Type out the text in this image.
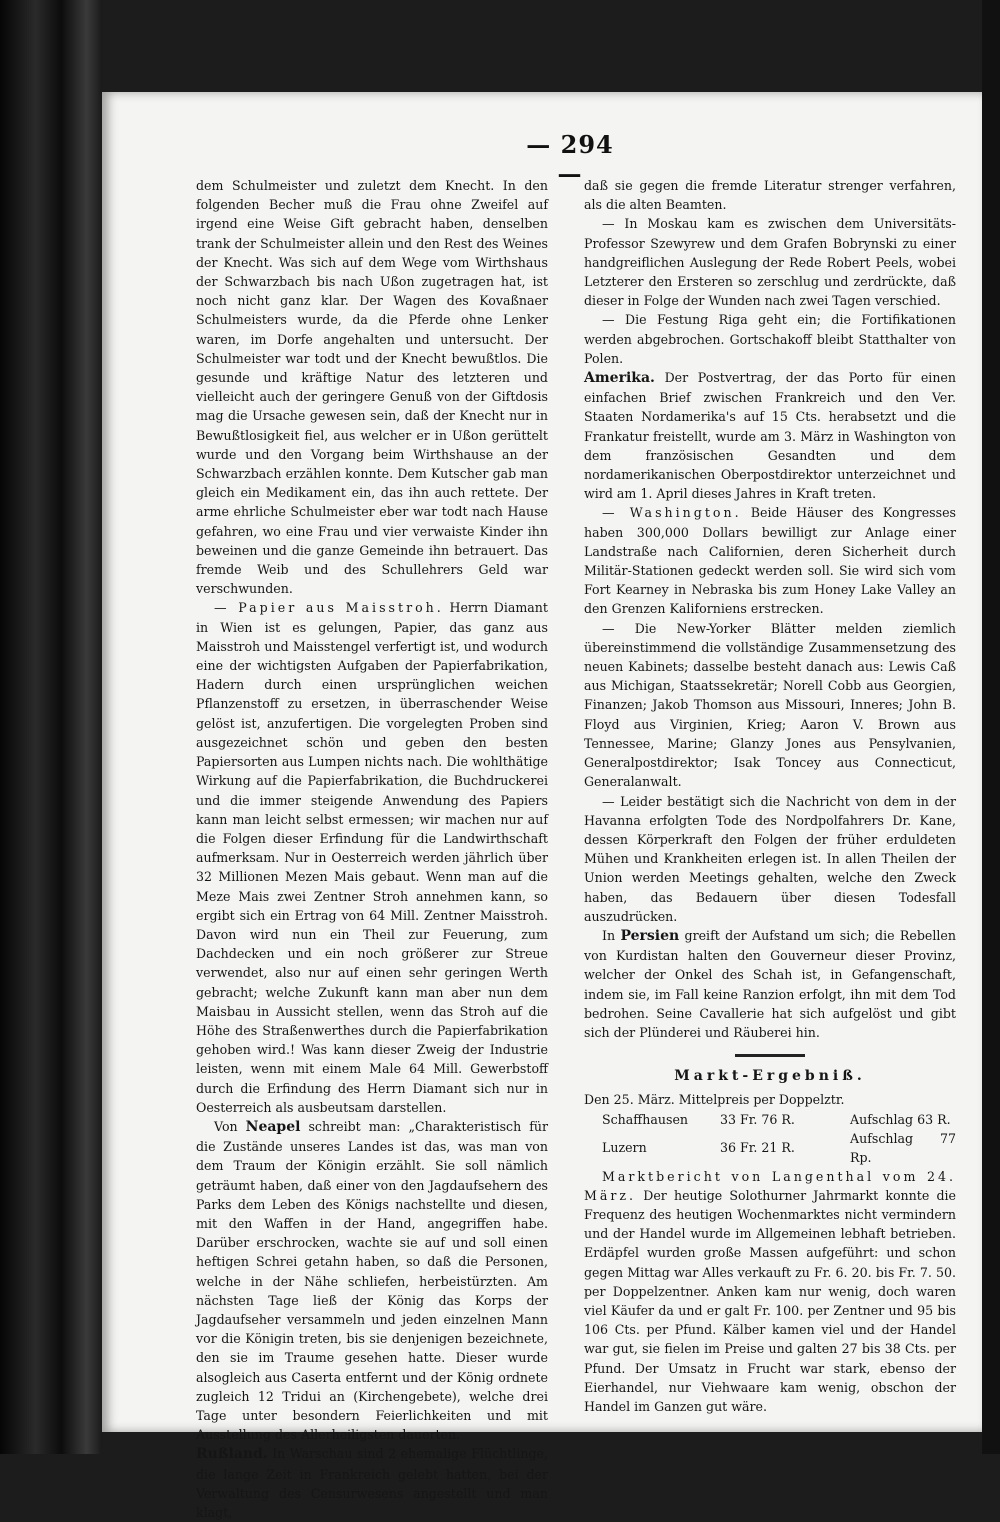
— 294 —

dem Schulmeister und zuletzt dem Knecht. In den folgenden Becher muß die Frau ohne Zweifel auf irgend eine Weise Gift gebracht haben, denselben trank der Schulmeister allein und den Rest des Weines der Knecht. Was sich auf dem Wege vom Wirthshaus der Schwarzbach bis nach Ußon zugetragen hat, ist noch nicht ganz klar. Der Wagen des Kovaßnaer Schulmeisters wurde, da die Pferde ohne Lenker waren, im Dorfe angehalten und untersucht. Der Schulmeister war todt und der Knecht bewußtlos. Die gesunde und kräftige Natur des letzteren und vielleicht auch der geringere Genuß von der Giftdosis mag die Ursache gewesen sein, daß der Knecht nur in Bewußtlosigkeit fiel, aus welcher er in Ußon gerüttelt wurde und den Vorgang beim Wirthshause an der Schwarzbach erzählen konnte. Dem Kutscher gab man gleich ein Medikament ein, das ihn auch rettete. Der arme ehrliche Schulmeister eber war todt nach Hause gefahren, wo eine Frau und vier verwaiste Kinder ihn beweinen und die ganze Gemeinde ihn betrauert. Das fremde Weib und des Schullehrers Geld war verschwunden.

— Papier aus Maisstroh. Herrn Diamant in Wien ist es gelungen, Papier, das ganz aus Maisstroh und Maisstengel verfertigt ist, und wodurch eine der wichtigsten Aufgaben der Papierfabrikation, Hadern durch einen ursprünglichen weichen Pflanzenstoff zu ersetzen, in überraschender Weise gelöst ist, anzufertigen. Die vorgelegten Proben sind ausgezeichnet schön und geben den besten Papiersorten aus Lumpen nichts nach. Die wohlthätige Wirkung auf die Papierfabrikation, die Buchdruckerei und die immer steigende Anwendung des Papiers kann man leicht selbst ermessen; wir machen nur auf die Folgen dieser Erfindung für die Landwirthschaft aufmerksam. Nur in Oesterreich werden jährlich über 32 Millionen Mezen Mais gebaut. Wenn man auf die Meze Mais zwei Zentner Stroh annehmen kann, so ergibt sich ein Ertrag von 64 Mill. Zentner Maisstroh. Davon wird nun ein Theil zur Feuerung, zum Dachdecken und ein noch größerer zur Streue verwendet, also nur auf einen sehr geringen Werth gebracht; welche Zukunft kann man aber nun dem Maisbau in Aussicht stellen, wenn das Stroh auf die Höhe des Straßenwerthes durch die Papierfabrikation gehoben wird.! Was kann dieser Zweig der Industrie leisten, wenn mit einem Male 64 Mill. Gewerbstoff durch die Erfindung des Herrn Diamant sich nur in Oesterreich als ausbeutsam darstellen.

Von Neapel schreibt man: „Charakteristisch für die Zustände unseres Landes ist das, was man von dem Traum der Königin erzählt. Sie soll nämlich geträumt haben, daß einer von den Jagdaufsehern des Parks dem Leben des Königs nachstellte und diesen, mit den Waffen in der Hand, angegriffen habe. Darüber erschrocken, wachte sie auf und soll einen heftigen Schrei getahn haben, so daß die Personen, welche in der Nähe schliefen, herbeistürzten. Am nächsten Tage ließ der König das Korps der Jagdaufseher versammeln und jeden einzelnen Mann vor die Königin treten, bis sie denjenigen bezeichnete, den sie im Traume gesehen hatte. Dieser wurde alsogleich aus Caserta entfernt und der König ordnete zugleich 12 Tridui an (Kirchengebete), welche drei Tage unter besondern Feierlichkeiten und mit Ausstellung des Allerheiligsten dauerten.

Rußland. In Warschau sind 2 ehemalige Flüchtlinge, die lange Zeit in Frankreich gelebt hatten, bei der Verwaltung des Censurwesens angestellt und man klagt,

daß sie gegen die fremde Literatur strenger verfahren, als die alten Beamten.

— In Moskau kam es zwischen dem Universitäts-Professor Szewyrew und dem Grafen Bobrynski zu einer handgreiflichen Auslegung der Rede Robert Peels, wobei Letzterer den Ersteren so zerschlug und zerdrückte, daß dieser in Folge der Wunden nach zwei Tagen verschied.

— Die Festung Riga geht ein; die Fortifikationen werden abgebrochen. Gortschakoff bleibt Statthalter von Polen.

Amerika. Der Postvertrag, der das Porto für einen einfachen Brief zwischen Frankreich und den Ver. Staaten Nordamerika's auf 15 Cts. herabsetzt und die Frankatur freistellt, wurde am 3. März in Washington von dem französischen Gesandten und dem nordamerikanischen Oberpostdirektor unterzeichnet und wird am 1. April dieses Jahres in Kraft treten.

— Washington. Beide Häuser des Kongresses haben 300,000 Dollars bewilligt zur Anlage einer Landstraße nach Californien, deren Sicherheit durch Militär-Stationen gedeckt werden soll. Sie wird sich vom Fort Kearney in Nebraska bis zum Honey Lake Valley an den Grenzen Kaliforniens erstrecken.

— Die New-Yorker Blätter melden ziemlich übereinstimmend die vollständige Zusammensetzung des neuen Kabinets; dasselbe besteht danach aus: Lewis Caß aus Michigan, Staatssekretär; Norell Cobb aus Georgien, Finanzen; Jakob Thomson aus Missouri, Inneres; John B. Floyd aus Virginien, Krieg; Aaron V. Brown aus Tennessee, Marine; Glanzy Jones aus Pensylvanien, Generalpostdirektor; Isak Toncey aus Connecticut, Generalanwalt.

— Leider bestätigt sich die Nachricht von dem in der Havanna erfolgten Tode des Nordpolfahrers Dr. Kane, dessen Körperkraft den Folgen der früher erduldeten Mühen und Krankheiten erlegen ist. In allen Theilen der Union werden Meetings gehalten, welche den Zweck haben, das Bedauern über diesen Todesfall auszudrücken.

In Persien greift der Aufstand um sich; die Rebellen von Kurdistan halten den Gouverneur dieser Provinz, welcher der Onkel des Schah ist, in Gefangenschaft, indem sie, im Fall keine Ranzion erfolgt, ihn mit dem Tod bedrohen. Seine Cavallerie hat sich aufgelöst und gibt sich der Plünderei und Räuberei hin.

Markt-Ergebniß.

Den 25. März. Mittelpreis per Doppelztr.

Schaffhausen	33 Fr. 76 R.	Aufschlag 63 R.
Luzern	36 Fr. 21 R.	Aufschlag 77 Rp.

Marktbericht von Langenthal vom 24. März. Der heutige Solothurner Jahrmarkt konnte die Frequenz des heutigen Wochenmarktes nicht vermindern und der Handel wurde im Allgemeinen lebhaft betrieben. Erdäpfel wurden große Massen aufgeführt: und schon gegen Mittag war Alles verkauft zu Fr. 6. 20. bis Fr. 7. 50. per Doppelzentner. Anken kam nur wenig, doch waren viel Käufer da und er galt Fr. 100. per Zentner und 95 bis 106 Cts. per Pfund. Kälber kamen viel und der Handel war gut, sie fielen im Preise und galten 27 bis 38 Cts. per Pfund. Der Umsatz in Frucht war stark, ebenso der Eierhandel, nur Viehwaare kam wenig, obschon der Handel im Ganzen gut wäre.
